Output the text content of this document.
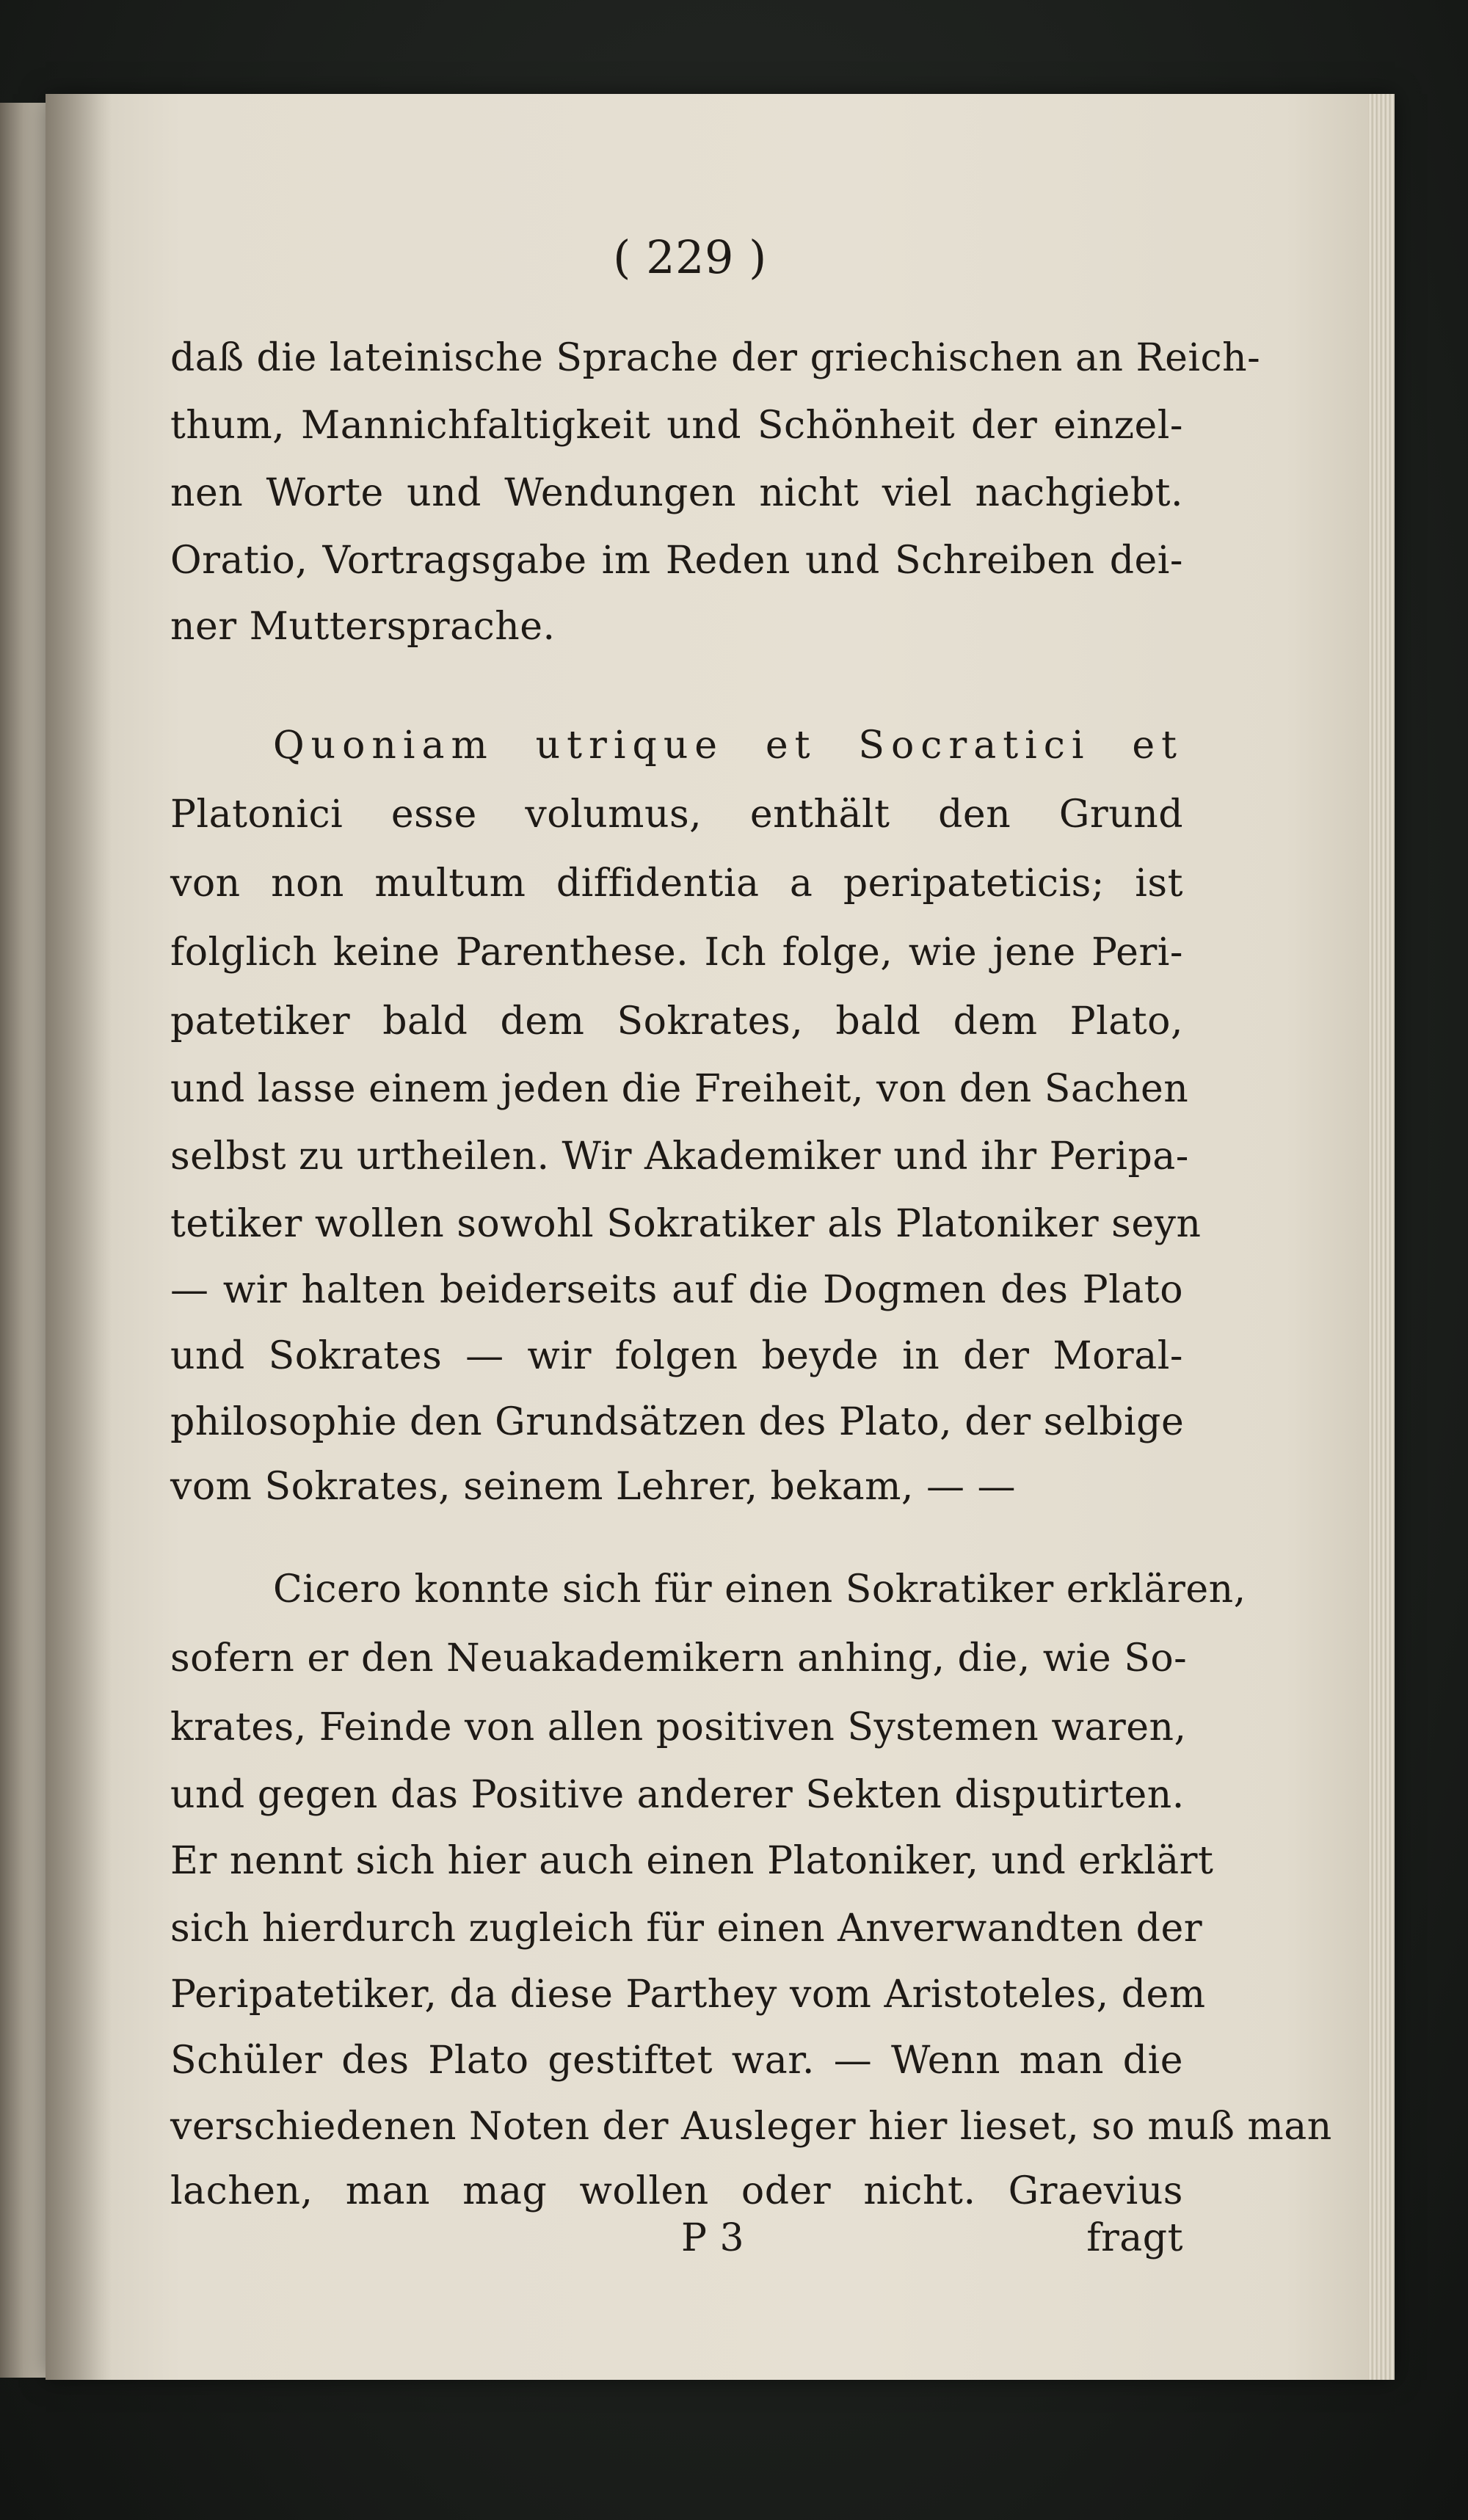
( 229 )
daß die lateinische Sprache der griechischen an Reich-
thum, Mannichfaltigkeit und Schönheit der einzel-
nen Worte und Wendungen nicht viel nachgiebt.
Oratio, Vortragsgabe im Reden und Schreiben dei-
ner Muttersprache.
Quoniam utrique et Socratici et
Platonici esse volumus, enthält den Grund
von non multum diffidentia a peripateticis; ist
folglich keine Parenthese. Ich folge, wie jene Peri-
patetiker bald dem Sokrates, bald dem Plato,
und lasse einem jeden die Freiheit, von den Sachen
selbst zu urtheilen. Wir Akademiker und ihr Peripa-
tetiker wollen sowohl Sokratiker als Platoniker seyn
— wir halten beiderseits auf die Dogmen des Plato
und Sokrates — wir folgen beyde in der Moral-
philosophie den Grundsätzen des Plato, der selbige
vom Sokrates, seinem Lehrer, bekam, — —
Cicero konnte sich für einen Sokratiker erklären,
sofern er den Neuakademikern anhing, die, wie So-
krates, Feinde von allen positiven Systemen waren,
und gegen das Positive anderer Sekten disputirten.
Er nennt sich hier auch einen Platoniker, und erklärt
sich hierdurch zugleich für einen Anverwandten der
Peripatetiker, da diese Parthey vom Aristoteles, dem
Schüler des Plato gestiftet war. — Wenn man die
verschiedenen Noten der Ausleger hier lieset, so muß man
lachen, man mag wollen oder nicht. Graevius
P 3	fragt
